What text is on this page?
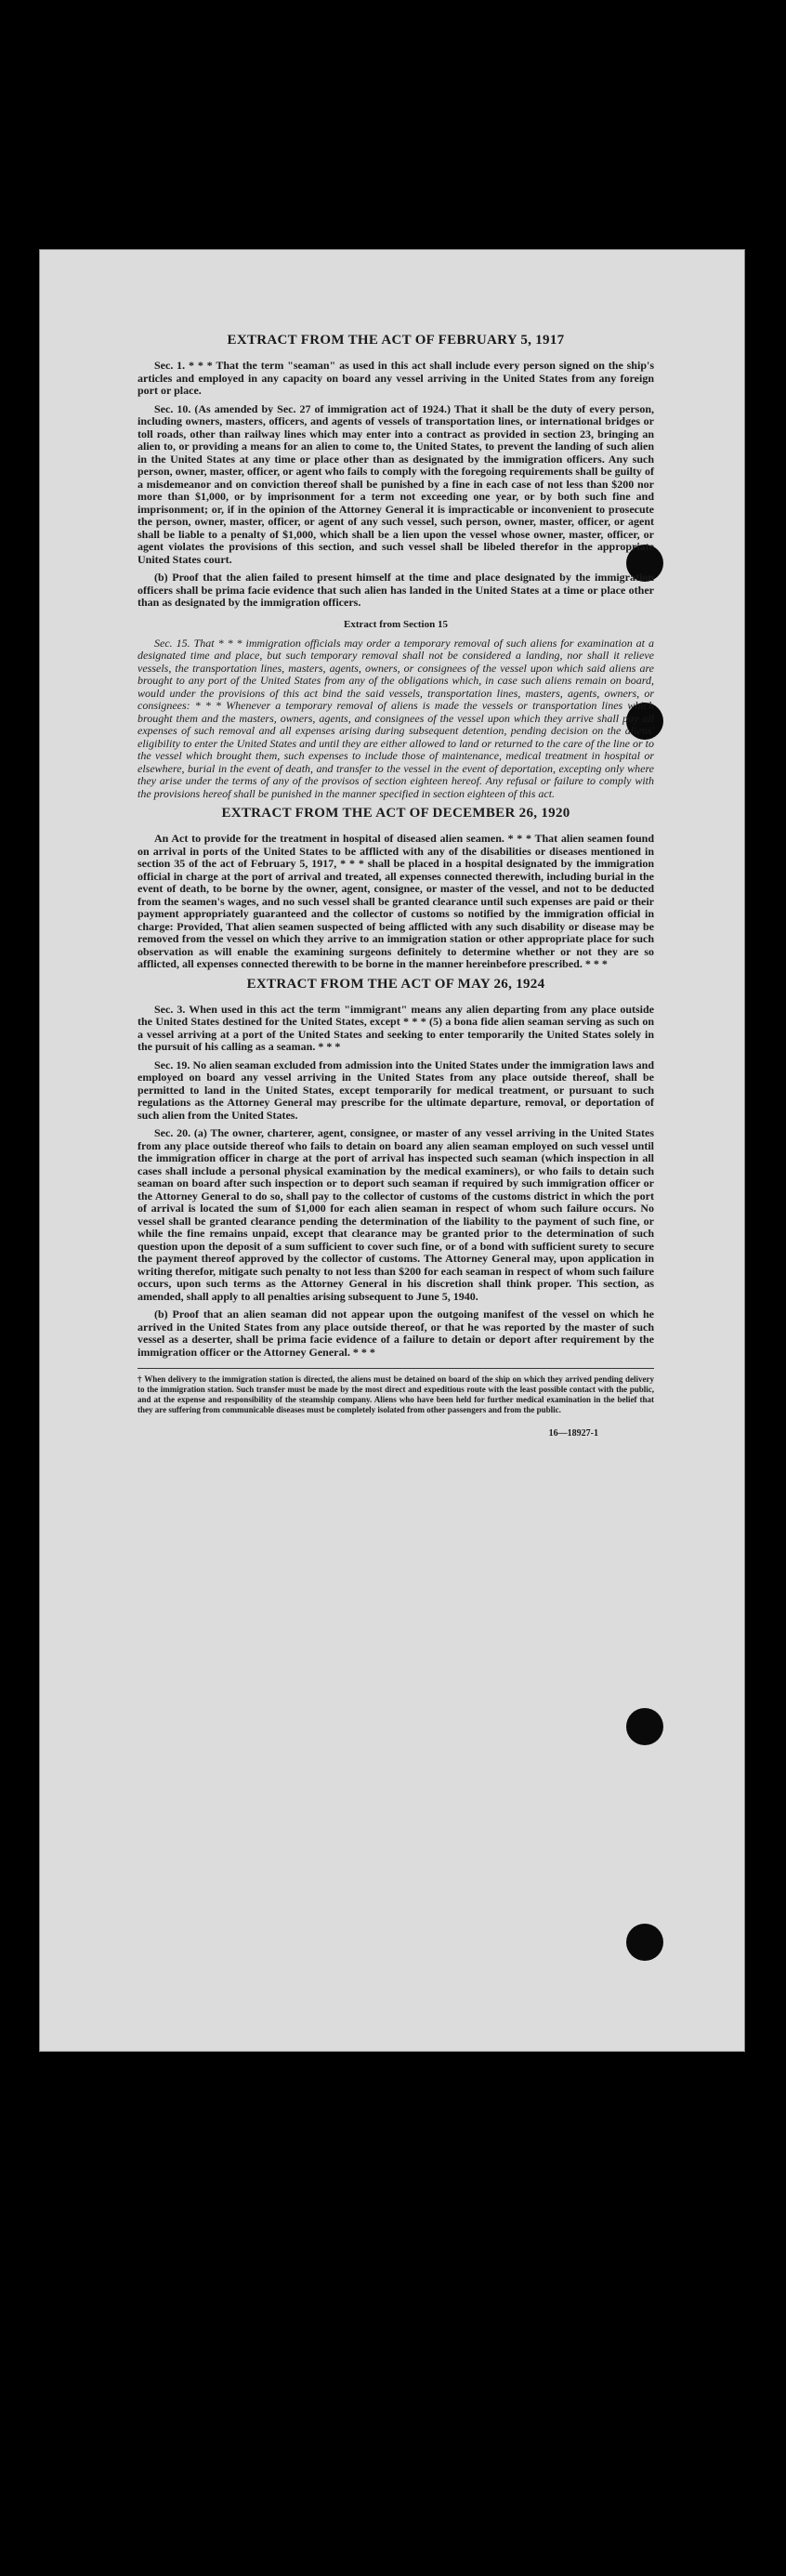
EXTRACT FROM THE ACT OF FEBRUARY 5, 1917

Sec. 1. * * * That the term "seaman" as used in this act shall include every person signed on the ship's articles and employed in any capacity on board any vessel arriving in the United States from any foreign port or place.

Sec. 10. (As amended by Sec. 27 of immigration act of 1924.) That it shall be the duty of every person, including owners, masters, officers, and agents of vessels of transportation lines, or international bridges or toll roads, other than railway lines which may enter into a contract as provided in section 23, bringing an alien to, or providing a means for an alien to come to, the United States, to prevent the landing of such alien in the United States at any time or place other than as designated by the immigration officers. Any such person, owner, master, officer, or agent who fails to comply with the foregoing requirements shall be guilty of a misdemeanor and on conviction thereof shall be punished by a fine in each case of not less than $200 nor more than $1,000, or by imprisonment for a term not exceeding one year, or by both such fine and imprisonment; or, if in the opinion of the Attorney General it is impracticable or inconvenient to prosecute the person, owner, master, officer, or agent of any such vessel, such person, owner, master, officer, or agent shall be liable to a penalty of $1,000, which shall be a lien upon the vessel whose owner, master, officer, or agent violates the provisions of this section, and such vessel shall be libeled therefor in the appropriate United States court.

(b) Proof that the alien failed to present himself at the time and place designated by the immigration officers shall be prima facie evidence that such alien has landed in the United States at a time or place other than as designated by the immigration officers.

Extract from Section 15

Sec. 15. That * * * immigration officials may order a temporary removal of such aliens for examination at a designated time and place, but such temporary removal shall not be considered a landing, nor shall it relieve vessels, the transportation lines, masters, agents, owners, or consignees of the vessel upon which said aliens are brought to any port of the United States from any of the obligations which, in case such aliens remain on board, would under the provisions of this act bind the said vessels, transportation lines, masters, agents, owners, or consignees: * * * Whenever a temporary removal of aliens is made the vessels or transportation lines which brought them and the masters, owners, agents, and consignees of the vessel upon which they arrive shall pay all expenses of such removal and all expenses arising during subsequent detention, pending decision on the aliens' eligibility to enter the United States and until they are either allowed to land or returned to the care of the line or to the vessel which brought them, such expenses to include those of maintenance, medical treatment in hospital or elsewhere, burial in the event of death, and transfer to the vessel in the event of deportation, excepting only where they arise under the terms of any of the provisos of section eighteen hereof. Any refusal or failure to comply with the provisions hereof shall be punished in the manner specified in section eighteen of this act.

EXTRACT FROM THE ACT OF DECEMBER 26, 1920

An Act to provide for the treatment in hospital of diseased alien seamen. * * * That alien seamen found on arrival in ports of the United States to be afflicted with any of the disabilities or diseases mentioned in section 35 of the act of February 5, 1917, * * * shall be placed in a hospital designated by the immigration official in charge at the port of arrival and treated, all expenses connected therewith, including burial in the event of death, to be borne by the owner, agent, consignee, or master of the vessel, and not to be deducted from the seamen's wages, and no such vessel shall be granted clearance until such expenses are paid or their payment appropriately guaranteed and the collector of customs so notified by the immigration official in charge: Provided, That alien seamen suspected of being afflicted with any such disability or disease may be removed from the vessel on which they arrive to an immigration station or other appropriate place for such observation as will enable the examining surgeons definitely to determine whether or not they are so afflicted, all expenses connected therewith to be borne in the manner hereinbefore prescribed. * * *

EXTRACT FROM THE ACT OF MAY 26, 1924

Sec. 3. When used in this act the term "immigrant" means any alien departing from any place outside the United States destined for the United States, except * * * (5) a bona fide alien seaman serving as such on a vessel arriving at a port of the United States and seeking to enter temporarily the United States solely in the pursuit of his calling as a seaman. * * *

Sec. 19. No alien seaman excluded from admission into the United States under the immigration laws and employed on board any vessel arriving in the United States from any place outside thereof, shall be permitted to land in the United States, except temporarily for medical treatment, or pursuant to such regulations as the Attorney General may prescribe for the ultimate departure, removal, or deportation of such alien from the United States.

Sec. 20. (a) The owner, charterer, agent, consignee, or master of any vessel arriving in the United States from any place outside thereof who fails to detain on board any alien seaman employed on such vessel until the immigration officer in charge at the port of arrival has inspected such seaman (which inspection in all cases shall include a personal physical examination by the medical examiners), or who fails to detain such seaman on board after such inspection or to deport such seaman if required by such immigration officer or the Attorney General to do so, shall pay to the collector of customs of the customs district in which the port of arrival is located the sum of $1,000 for each alien seaman in respect of whom such failure occurs. No vessel shall be granted clearance pending the determination of the liability to the payment of such fine, or while the fine remains unpaid, except that clearance may be granted prior to the determination of such question upon the deposit of a sum sufficient to cover such fine, or of a bond with sufficient surety to secure the payment thereof approved by the collector of customs. The Attorney General may, upon application in writing therefor, mitigate such penalty to not less than $200 for each seaman in respect of whom such failure occurs, upon such terms as the Attorney General in his discretion shall think proper. This section, as amended, shall apply to all penalties arising subsequent to June 5, 1940.

(b) Proof that an alien seaman did not appear upon the outgoing manifest of the vessel on which he arrived in the United States from any place outside thereof, or that he was reported by the master of such vessel as a deserter, shall be prima facie evidence of a failure to detain or deport after requirement by the immigration officer or the Attorney General. * * *

† When delivery to the immigration station is directed, the aliens must be detained on board of the ship on which they arrived pending delivery to the immigration station. Such transfer must be made by the most direct and expeditious route with the least possible contact with the public, and at the expense and responsibility of the steamship company. Aliens who have been held for further medical examination in the belief that they are suffering from communicable diseases must be completely isolated from other passengers and from the public.
16—18927-1
